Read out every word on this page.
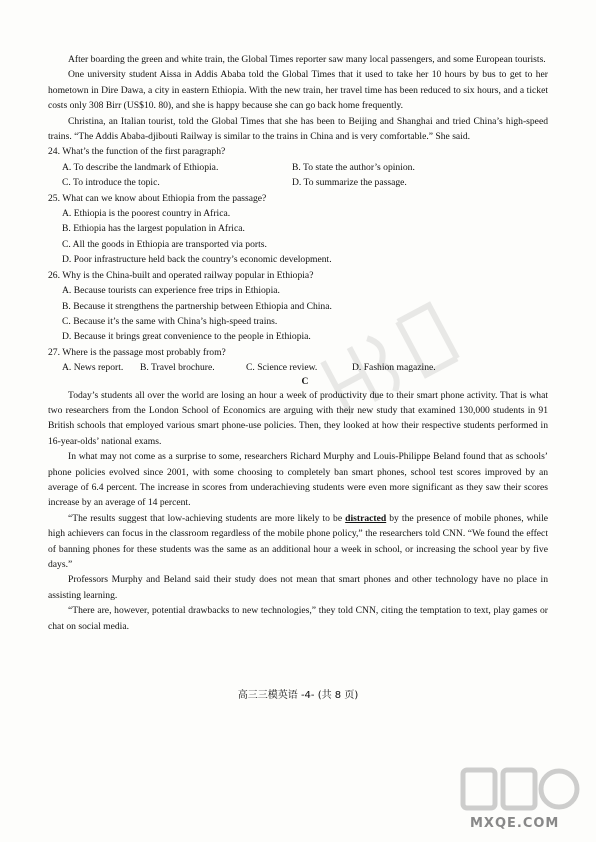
After boarding the green and white train, the Global Times reporter saw many local passengers, and some European tourists.

One university student Aissa in Addis Ababa told the Global Times that it used to take her 10 hours by bus to get to her hometown in Dire Dawa, a city in eastern Ethiopia. With the new train, her travel time has been reduced to six hours, and a ticket costs only 308 Birr (US$10. 80), and she is happy because she can go back home frequently.

Christina, an Italian tourist, told the Global Times that she has been to Beijing and Shanghai and tried China’s high-speed trains. “The Addis Ababa-djibouti Railway is similar to the trains in China and is very comfortable.” She said.

24. What’s the function of the first paragraph?

A. To describe the landmark of Ethiopia.	B. To state the author’s opinion.
C. To introduce the topic.	D. To summarize the passage.

25. What can we know about Ethiopia from the passage?

A. Ethiopia is the poorest country in Africa.
B. Ethiopia has the largest population in Africa.
C. All the goods in Ethiopia are transported via ports.
D. Poor infrastructure held back the country’s economic development.

26. Why is the China-built and operated railway popular in Ethiopia?

A. Because tourists can experience free trips in Ethiopia.
B. Because it strengthens the partnership between Ethiopia and China.
C. Because it’s the same with China’s high-speed trains.
D. Because it brings great convenience to the people in Ethiopia.

27. Where is the passage most probably from?

A. News report.	B. Travel brochure.	C. Science review.	D. Fashion magazine.

C

Today’s students all over the world are losing an hour a week of productivity due to their smart phone activity. That is what two researchers from the London School of Economics are arguing with their new study that examined 130,000 students in 91 British schools that employed various smart phone-use policies. Then, they looked at how their respective students performed in 16-year-olds’ national exams.

In what may not come as a surprise to some, researchers Richard Murphy and Louis-Philippe Beland found that as schools’ phone policies evolved since 2001, with some choosing to completely ban smart phones, school test scores improved by an average of 6.4 percent. The increase in scores from underachieving students were even more significant as they saw their scores increase by an average of 14 percent.

“The results suggest that low-achieving students are more likely to be distracted by the presence of mobile phones, while high achievers can focus in the classroom regardless of the mobile phone policy,” the researchers told CNN. “We found the effect of banning phones for these students was the same as an additional hour a week in school, or increasing the school year by five days.”

Professors Murphy and Beland said their study does not mean that smart phones and other technology have no place in assisting learning.

“There are, however, potential drawbacks to new technologies,” they told CNN, citing the temptation to text, play games or chat on social media.

高三三模英语 -4- (共 8 页)
MXQE.COM
